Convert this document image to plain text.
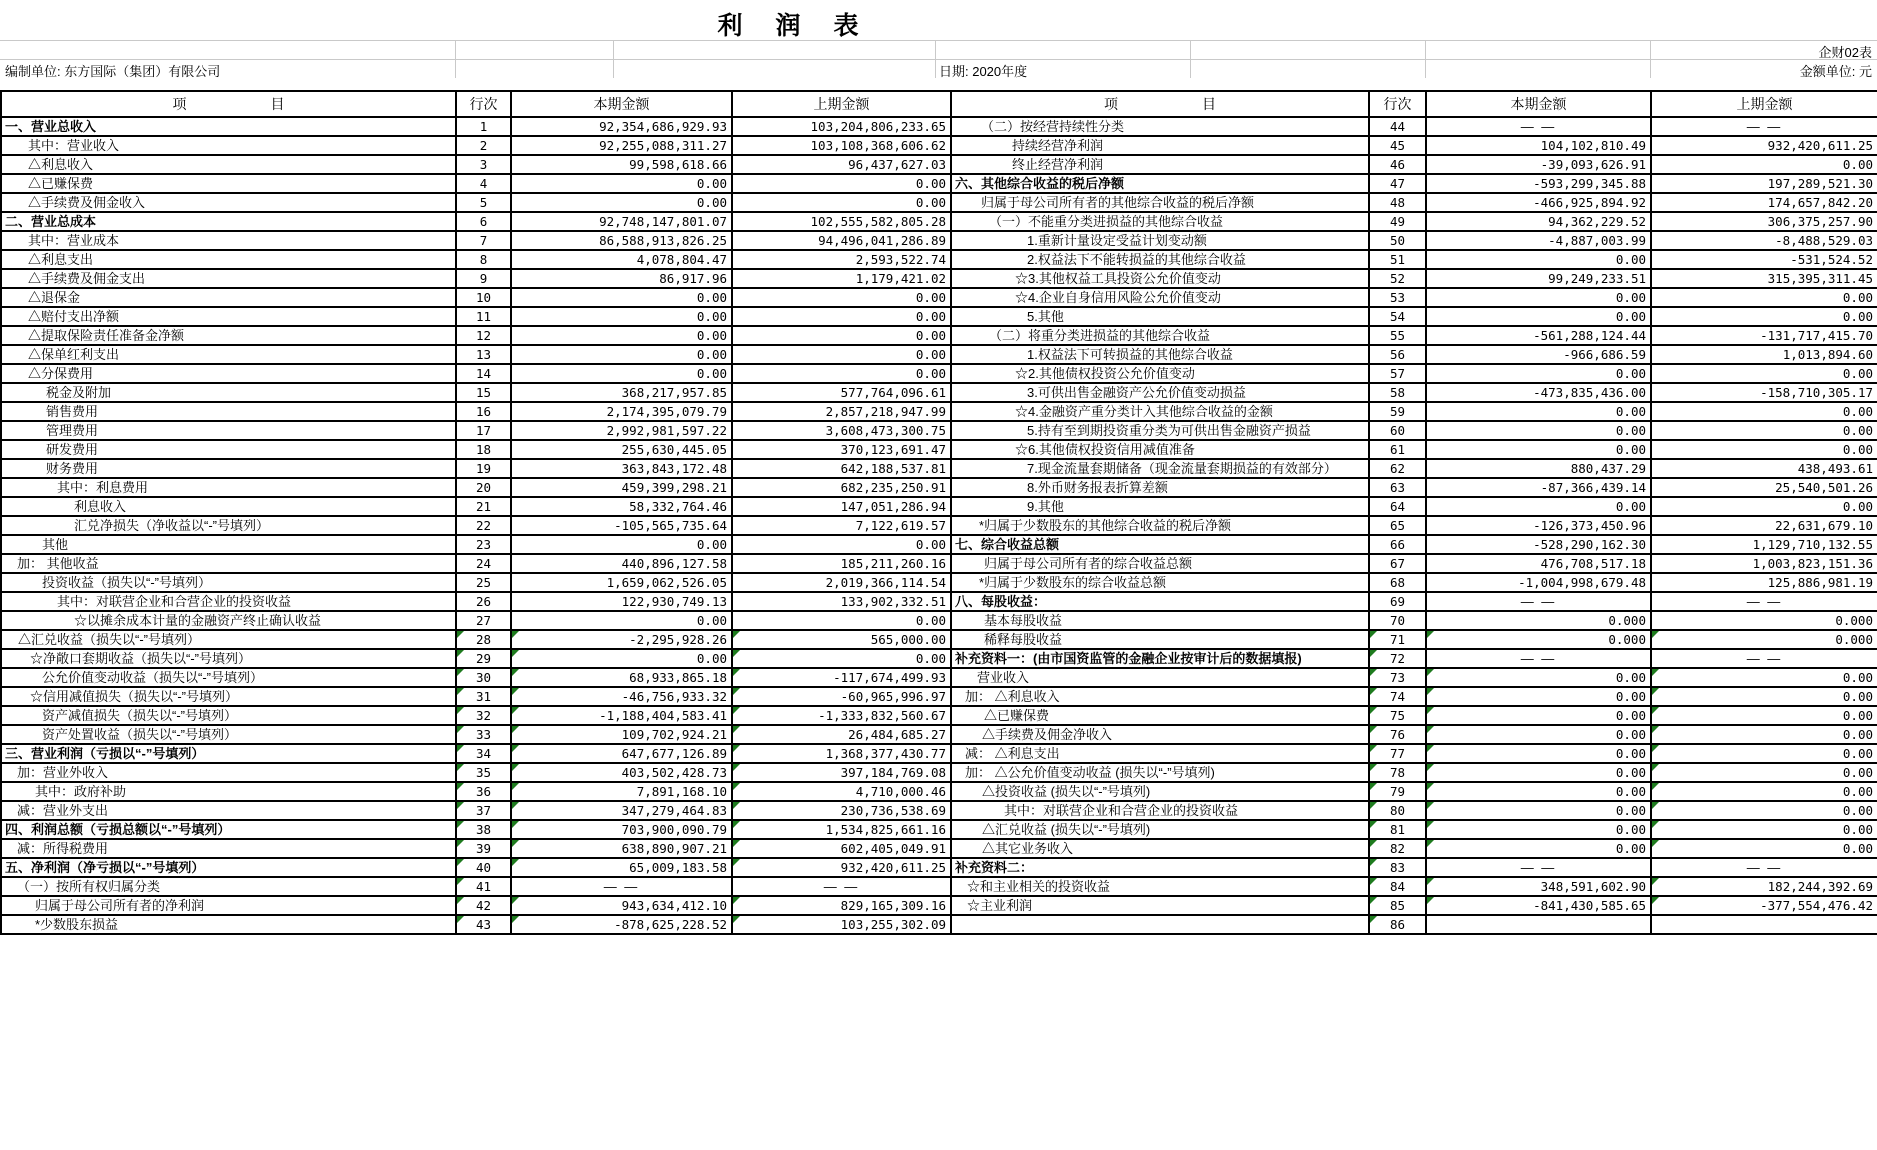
利　润　表
企财02表
编制单位: 东方国际（集团）有限公司	日期: 2020年度	金额单位: 元
项　　　　　　目	行次	本期金额	上期金额	项　　　　　　目	行次	本期金额	上期金额
一、营业总收入	1	92,354,686,929.93	103,204,806,233.65	（二）按经营持续性分类	44	— —	— —
其中：营业收入	2	92,255,088,311.27	103,108,368,606.62	持续经营净利润	45	104,102,810.49	932,420,611.25
△利息收入	3	99,598,618.66	96,437,627.03	终止经营净利润	46	-39,093,626.91	0.00
△已赚保费	4	0.00	0.00	六、其他综合收益的税后净额	47	-593,299,345.88	197,289,521.30
△手续费及佣金收入	5	0.00	0.00	归属于母公司所有者的其他综合收益的税后净额	48	-466,925,894.92	174,657,842.20
二、营业总成本	6	92,748,147,801.07	102,555,582,805.28	（一）不能重分类进损益的其他综合收益	49	94,362,229.52	306,375,257.90
其中：营业成本	7	86,588,913,826.25	94,496,041,286.89	1.重新计量设定受益计划变动额	50	-4,887,003.99	-8,488,529.03
△利息支出	8	4,078,804.47	2,593,522.74	2.权益法下不能转损益的其他综合收益	51	0.00	-531,524.52
△手续费及佣金支出	9	86,917.96	1,179,421.02	☆3.其他权益工具投资公允价值变动	52	99,249,233.51	315,395,311.45
△退保金	10	0.00	0.00	☆4.企业自身信用风险公允价值变动	53	0.00	0.00
△赔付支出净额	11	0.00	0.00	5.其他	54	0.00	0.00
△提取保险责任准备金净额	12	0.00	0.00	（二）将重分类进损益的其他综合收益	55	-561,288,124.44	-131,717,415.70
△保单红利支出	13	0.00	0.00	1.权益法下可转损益的其他综合收益	56	-966,686.59	1,013,894.60
△分保费用	14	0.00	0.00	☆2.其他债权投资公允价值变动	57	0.00	0.00
税金及附加	15	368,217,957.85	577,764,096.61	3.可供出售金融资产公允价值变动损益	58	-473,835,436.00	-158,710,305.17
销售费用	16	2,174,395,079.79	2,857,218,947.99	☆4.金融资产重分类计入其他综合收益的金额	59	0.00	0.00
管理费用	17	2,992,981,597.22	3,608,473,300.75	5.持有至到期投资重分类为可供出售金融资产损益	60	0.00	0.00
研发费用	18	255,630,445.05	370,123,691.47	☆6.其他债权投资信用减值准备	61	0.00	0.00
财务费用	19	363,843,172.48	642,188,537.81	7.现金流量套期储备（现金流量套期损益的有效部分）	62	880,437.29	438,493.61
其中：利息费用	20	459,399,298.21	682,235,250.91	8.外币财务报表折算差额	63	-87,366,439.14	25,540,501.26
利息收入	21	58,332,764.46	147,051,286.94	9.其他	64	0.00	0.00
汇兑净损失（净收益以“-”号填列）	22	-105,565,735.64	7,122,619.57	*归属于少数股东的其他综合收益的税后净额	65	-126,373,450.96	22,631,679.10
其他	23	0.00	0.00	七、综合收益总额	66	-528,290,162.30	1,129,710,132.55
加： 其他收益	24	440,896,127.58	185,211,260.16	归属于母公司所有者的综合收益总额	67	476,708,517.18	1,003,823,151.36
投资收益（损失以“-”号填列）	25	1,659,062,526.05	2,019,366,114.54	*归属于少数股东的综合收益总额	68	-1,004,998,679.48	125,886,981.19
其中：对联营企业和合营企业的投资收益	26	122,930,749.13	133,902,332.51	八、每股收益：	69	— —	— —
☆以摊余成本计量的金融资产终止确认收益	27	0.00	0.00	基本每股收益	70	0.000	0.000
△汇兑收益（损失以“-”号填列）	28	-2,295,928.26	565,000.00	稀释每股收益	71	0.000	0.000
☆净敞口套期收益（损失以“-”号填列）	29	0.00	0.00	补充资料一：(由市国资监管的金融企业按审计后的数据填报)	72	— —	— —
公允价值变动收益（损失以“-”号填列）	30	68,933,865.18	-117,674,499.93	营业收入	73	0.00	0.00
☆信用减值损失（损失以“-”号填列）	31	-46,756,933.32	-60,965,996.97	加： △利息收入	74	0.00	0.00
资产减值损失（损失以“-”号填列）	32	-1,188,404,583.41	-1,333,832,560.67	△已赚保费	75	0.00	0.00
资产处置收益（损失以“-”号填列）	33	109,702,924.21	26,484,685.27	△手续费及佣金净收入	76	0.00	0.00
三、营业利润（亏损以“-”号填列）	34	647,677,126.89	1,368,377,430.77	减： △利息支出	77	0.00	0.00
加：营业外收入	35	403,502,428.73	397,184,769.08	加： △公允价值变动收益 (损失以“-”号填列)	78	0.00	0.00
其中：政府补助	36	7,891,168.10	4,710,000.46	△投资收益 (损失以“-”号填列)	79	0.00	0.00
减：营业外支出	37	347,279,464.83	230,736,538.69	其中：对联营企业和合营企业的投资收益	80	0.00	0.00
四、利润总额（亏损总额以“-”号填列）	38	703,900,090.79	1,534,825,661.16	△汇兑收益 (损失以“-”号填列)	81	0.00	0.00
减：所得税费用	39	638,890,907.21	602,405,049.91	△其它业务收入	82	0.00	0.00
五、净利润（净亏损以“-”号填列）	40	65,009,183.58	932,420,611.25	补充资料二：	83	— —	— —
（一）按所有权归属分类	41	— —	— —	☆和主业相关的投资收益	84	348,591,602.90	182,244,392.69
归属于母公司所有者的净利润	42	943,634,412.10	829,165,309.16	☆主业利润	85	-841,430,585.65	-377,554,476.42
*少数股东损益	43	-878,625,228.52	103,255,302.09		86		
